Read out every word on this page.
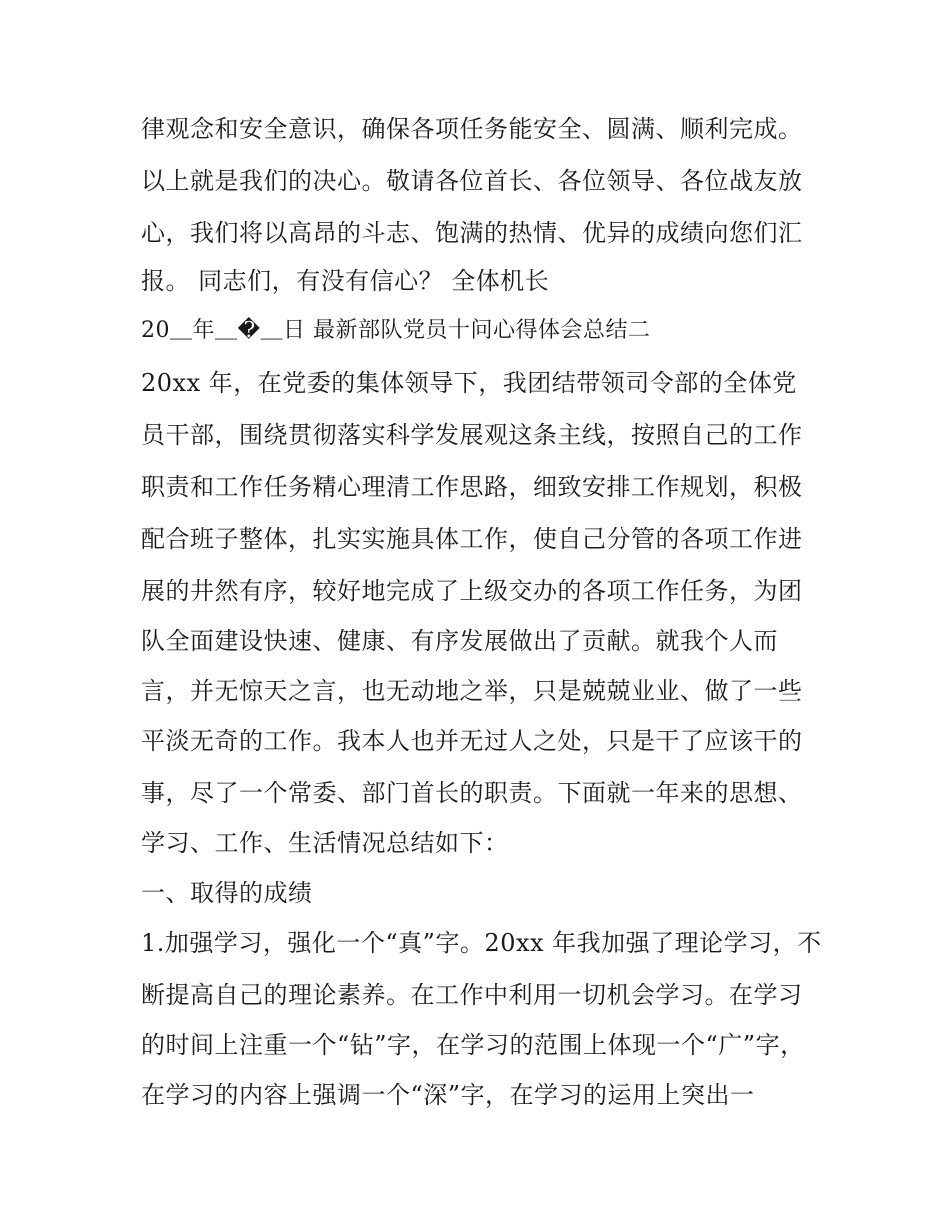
律观念和安全意识，确保各项任务能安全、圆满、顺利完成。
以上就是我们的决心。敬请各位首长、各位领导、各位战友放
心，我们将以高昂的斗志、饱满的热情、优异的成绩向您们汇
报。 同志们，有没有信心？ 全体机长
20＿年＿�＿日 最新部队党员十问心得体会总结二
20xx 年，在党委的集体领导下，我团结带领司令部的全体党
员干部，围绕贯彻落实科学发展观这条主线，按照自己的工作
职责和工作任务精心理清工作思路，细致安排工作规划，积极
配合班子整体，扎实实施具体工作，使自己分管的各项工作进
展的井然有序，较好地完成了上级交办的各项工作任务，为团
队全面建设快速、健康、有序发展做出了贡献。就我个人而
言，并无惊天之言，也无动地之举，只是兢兢业业、做了一些
平淡无奇的工作。我本人也并无过人之处，只是干了应该干的
事，尽了一个常委、部门首长的职责。下面就一年来的思想、
学习、工作、生活情况总结如下：
一、取得的成绩
1.加强学习，强化一个“真”字。20xx 年我加强了理论学习，不
断提高自己的理论素养。在工作中利用一切机会学习。在学习
的时间上注重一个“钻”字，在学习的范围上体现一个“广”字，
在学习的内容上强调一个“深”字，在学习的运用上突出一
